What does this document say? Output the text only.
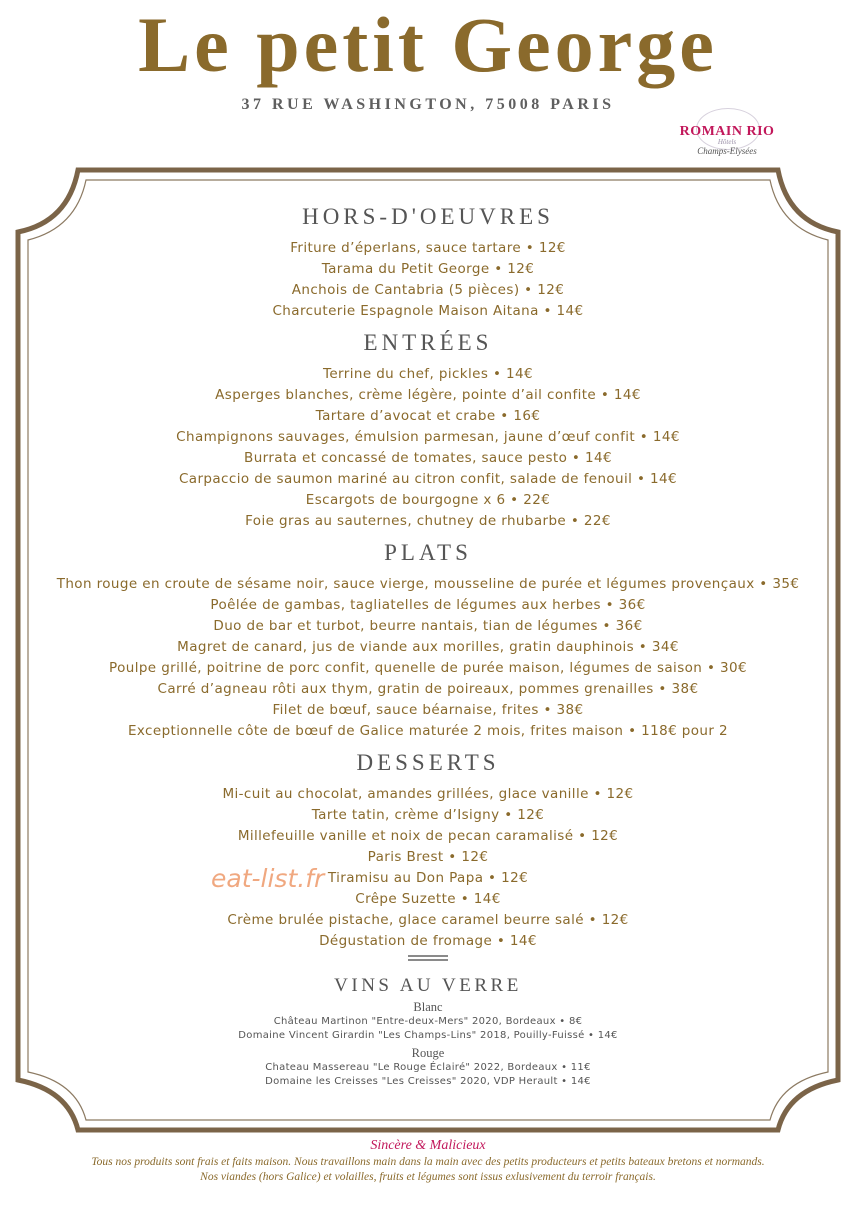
Le petit George
37 RUE WASHINGTON, 75008 PARIS
ROMAIN RIO
Hôtels
Champs-Elysées
HORS-D'OEUVRES
Friture d’éperlans, sauce tartare • 12€
Tarama du Petit George • 12€
Anchois de Cantabria (5 pièces) • 12€
Charcuterie Espagnole Maison Aitana • 14€
ENTRÉES
Terrine du chef, pickles • 14€
Asperges blanches, crème légère, pointe d’ail confite • 14€
Tartare d’avocat et crabe • 16€
Champignons sauvages, émulsion parmesan, jaune d’œuf confit • 14€
Burrata et concassé de tomates, sauce pesto • 14€
Carpaccio de saumon mariné au citron confit, salade de fenouil • 14€
Escargots de bourgogne x 6 • 22€
Foie gras au sauternes, chutney de rhubarbe • 22€
PLATS
Thon rouge en croute de sésame noir, sauce vierge, mousseline de purée et légumes provençaux • 35€
Poêlée de gambas, tagliatelles de légumes aux herbes • 36€
Duo de bar et turbot, beurre nantais, tian de légumes • 36€
Magret de canard, jus de viande aux morilles, gratin dauphinois • 34€
Poulpe grillé, poitrine de porc confit, quenelle de purée maison, légumes de saison • 30€
Carré d’agneau rôti aux thym, gratin de poireaux, pommes grenailles • 38€
Filet de bœuf, sauce béarnaise, frites • 38€
Exceptionnelle côte de bœuf de Galice maturée 2 mois, frites maison • 118€ pour 2
DESSERTS
Mi-cuit au chocolat, amandes grillées, glace vanille • 12€
Tarte tatin, crème d’Isigny • 12€
Millefeuille vanille et noix de pecan caramalisé • 12€
Paris Brest • 12€
Tiramisu au Don Papa • 12€
Crêpe Suzette • 14€
Crème brulée pistache, glace caramel beurre salé • 12€
Dégustation de fromage • 14€
eat-list.fr
VINS AU VERRE
Blanc
Château Martinon "Entre-deux-Mers" 2020, Bordeaux • 8€
Domaine Vincent Girardin "Les Champs-Lins" 2018, Pouilly-Fuissé • 14€
Rouge
Chateau Massereau "Le Rouge Éclairé" 2022, Bordeaux • 11€
Domaine les Creisses "Les Creisses" 2020, VDP Herault • 14€
Sincère & Malicieux
Tous nos produits sont frais et faits maison. Nous travaillons main dans la main avec des petits producteurs et petits bateaux bretons et normands.
Nos viandes (hors Galice) et volailles, fruits et légumes sont issus exlusivement du terroir français.
